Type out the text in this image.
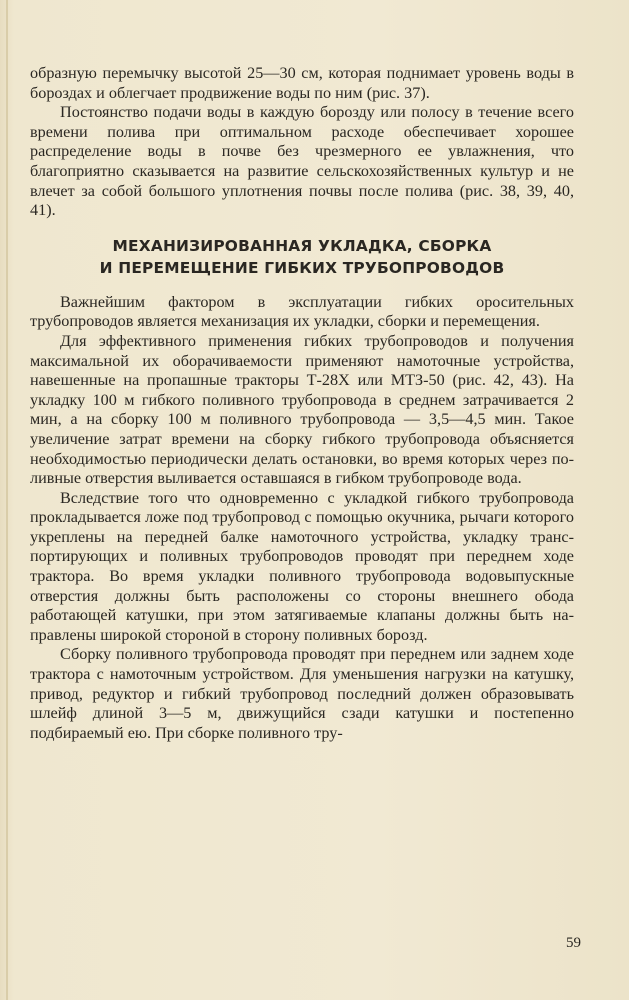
образную перемычку высотой 25—30 см, которая поднимает уровень воды в бороздах и облегчает продвижение воды по ним (рис. 37).

Постоянство подачи воды в каждую борозду или полосу в течение всего времени полива при оптимальном расходе обеспечивает хорошее распределение воды в почве без чрезмерного ее увлажнения, что благоприятно сказывается на развитие сельскохозяйственных культур и не влечет за собой большого уплотнения почвы после полива (рис. 38, 39, 40, 41).

МЕХАНИЗИРОВАННАЯ УКЛАДКА, СБОРКА
И ПЕРЕМЕЩЕНИЕ ГИБКИХ ТРУБОПРОВОДОВ

Важнейшим фактором в эксплуатации гибких оросительных трубопроводов является механизация их укладки, сборки и перемещения.

Для эффективного применения гибких трубопроводов и получения максимальной их оборачиваемости применяют намоточные устройства, навешенные на пропашные тракторы Т-28Х или МТЗ-50 (рис. 42, 43). На укладку 100 м гибкого поливного трубопровода в среднем затрачивается 2 мин, а на сборку 100 м поливного трубопровода — 3,5—4,5 мин. Такое увеличение затрат времени на сборку гибкого трубопровода объясняется необходимостью периодически делать остановки, во время которых через поливные отверстия выливается оставшаяся в гибком трубопроводе вода.

Вследствие того что одновременно с укладкой гибкого трубопровода прокладывается ложе под трубопровод с помощью окучника, рычаги которого укреплены на передней балке намоточного устройства, укладку транспортирующих и поливных трубопроводов проводят при переднем ходе трактора. Во время укладки поливного трубопровода водовыпускные отверстия должны быть расположены со стороны внешнего обода работающей катушки, при этом затягиваемые клапаны должны быть направлены широкой стороной в сторону поливных борозд.

Сборку поливного трубопровода проводят при переднем или заднем ходе трактора с намоточным устройством. Для уменьшения нагрузки на катушку, привод, редуктор и гибкий трубопровод последний должен образовывать шлейф длиной 3—5 м, движущийся сзади катушки и постепенно подбираемый ею. При сборке поливного тру-

59
